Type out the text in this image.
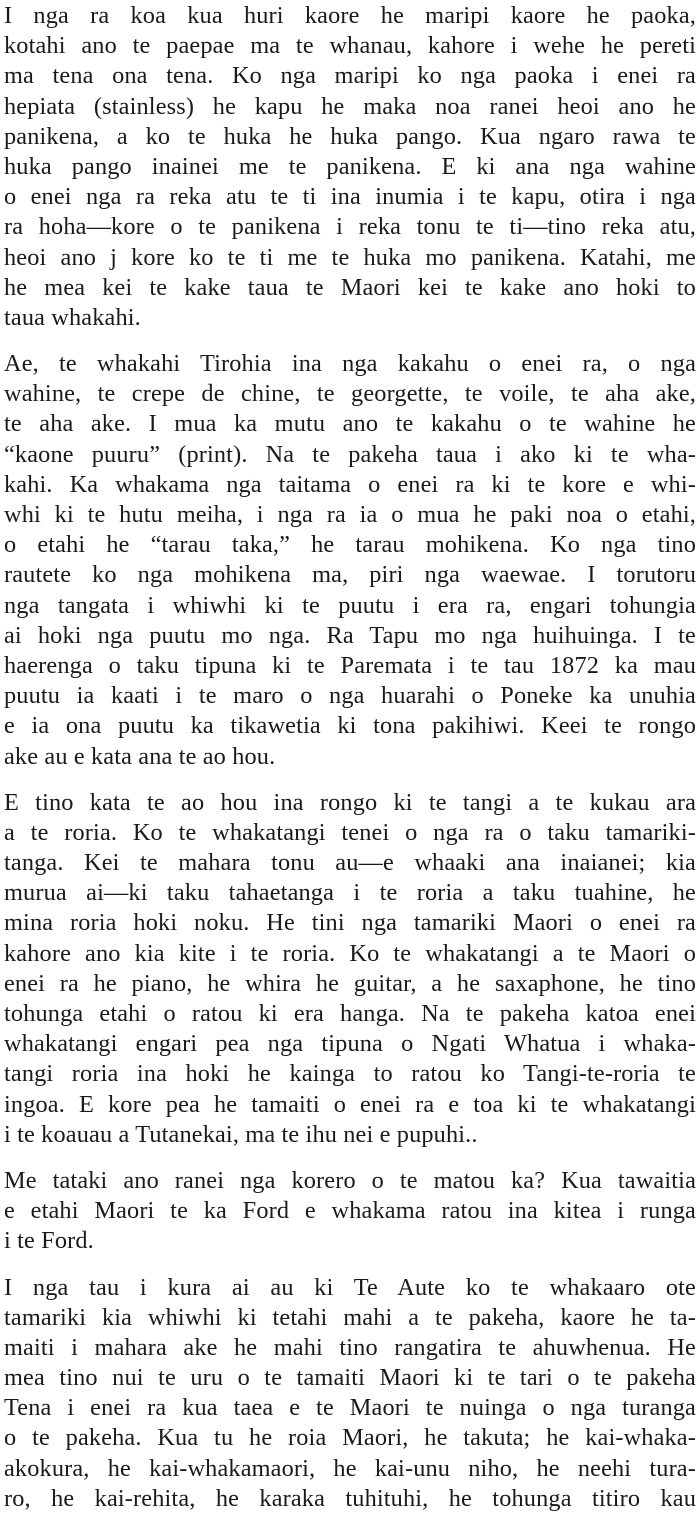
I nga ra koa kua huri kaore he maripi kaore he paoka,
kotahi ano te paepae ma te whanau, kahore i wehe he pereti
ma tena ona tena. Ko nga maripi ko nga paoka i enei ra
hepiata (stainless) he kapu he maka noa ranei heoi ano he
panikena, a ko te huka he huka pango. Kua ngaro rawa te
huka pango inainei me te panikena. E ki ana nga wahine
o enei nga ra reka atu te ti ina inumia i te kapu, otira i nga
ra hoha—kore o te panikena i reka tonu te ti—tino reka atu,
heoi ano j kore ko te ti me te huka mo panikena. Katahi, me
he mea kei te kake taua te Maori kei te kake ano hoki to
taua whakahi.
Ae, te whakahi Tirohia ina nga kakahu o enei ra, o nga
wahine, te crepe de chine, te georgette, te voile, te aha ake,
te aha ake. I mua ka mutu ano te kakahu o te wahine he
“kaone puuru” (print). Na te pakeha taua i ako ki te wha-
kahi. Ka whakama nga taitama o enei ra ki te kore e whi-
whi ki te hutu meiha, i nga ra ia o mua he paki noa o etahi,
o etahi he “tarau taka,” he tarau mohikena. Ko nga tino
rautete ko nga mohikena ma, piri nga waewae. I torutoru
nga tangata i whiwhi ki te puutu i era ra, engari tohungia
ai hoki nga puutu mo nga. Ra Tapu mo nga huihuinga. I te
haerenga o taku tipuna ki te Paremata i te tau 1872 ka mau
puutu ia kaati i te maro o nga huarahi o Poneke ka unuhia
e ia ona puutu ka tikawetia ki tona pakihiwi. Keei te rongo
ake au e kata ana te ao hou.
E tino kata te ao hou ina rongo ki te tangi a te kukau ara
a te roria. Ko te whakatangi tenei o nga ra o taku tamariki-
tanga. Kei te mahara tonu au—e whaaki ana inaianei; kia
murua ai—ki taku tahaetanga i te roria a taku tuahine, he
mina roria hoki noku. He tini nga tamariki Maori o enei ra
kahore ano kia kite i te roria. Ko te whakatangi a te Maori o
enei ra he piano, he whira he guitar, a he saxaphone, he tino
tohunga etahi o ratou ki era hanga. Na te pakeha katoa enei
whakatangi engari pea nga tipuna o Ngati Whatua i whaka-
tangi roria ina hoki he kainga to ratou ko Tangi-te-roria te
ingoa. E kore pea he tamaiti o enei ra e toa ki te whakatangi
i te koauau a Tutanekai, ma te ihu nei e pupuhi..
Me tataki ano ranei nga korero o te matou ka? Kua tawaitia
e etahi Maori te ka Ford e whakama ratou ina kitea i runga
i te Ford.
I nga tau i kura ai au ki Te Aute ko te whakaaro ote
tamariki kia whiwhi ki tetahi mahi a te pakeha, kaore he ta-
maiti i mahara ake he mahi tino rangatira te ahuwhenua. He
mea tino nui te uru o te tamaiti Maori ki te tari o te pakeha
Tena i enei ra kua taea e te Maori te nuinga o nga turanga
o te pakeha. Kua tu he roia Maori, he takuta; he kai-whaka-
akokura, he kai-whakamaori, he kai-unu niho, he neehi tura-
ro, he kai-rehita, he karaka tuhituhi, he tohunga titiro kau
